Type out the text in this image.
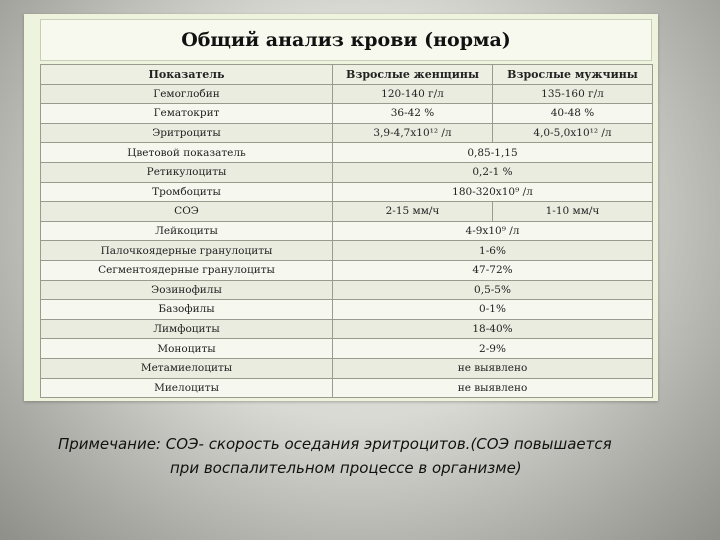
Общий анализ крови (норма)
Показатель	Взрослые женщины	Взрослые мужчины
Гемоглобин	120-140 г/л	135-160 г/л
Гематокрит	36-42 %	40-48 %
Эритроциты	3,9-4,7х10¹² /л	4,0-5,0х10¹² /л
Цветовой показатель	0,85-1,15	
Ретикулоциты	0,2-1 %	
Тромбоциты	180-320х10⁹ /л	
СОЭ	2-15 мм/ч	1-10 мм/ч
Лейкоциты	4-9х10⁹ /л	
Палочкоядерные гранулоциты	1-6%	
Сегментоядерные гранулоциты	47-72%	
Эозинофилы	0,5-5%	
Базофилы	0-1%	
Лимфоциты	18-40%	
Моноциты	2-9%	
Метамиелоциты	не выявлено	
Миелоциты	не выявлено	
Примечание: СОЭ- скорость оседания эритроцитов.(СОЭ повышается
при воспалительном процессе в организме)
